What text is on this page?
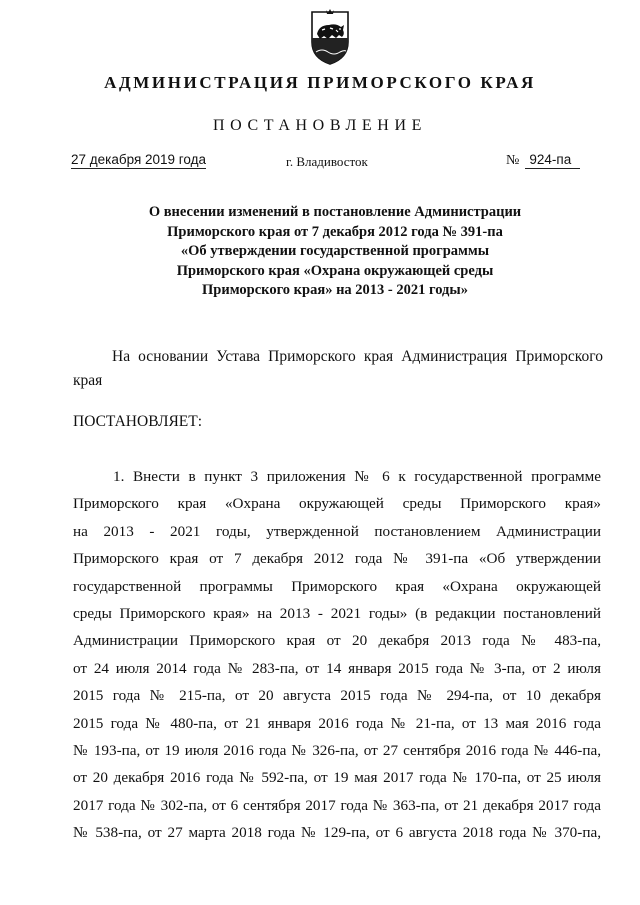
АДМИНИСТРАЦИЯ ПРИМОРСКОГО КРАЯ
ПОСТАНОВЛЕНИЕ
27 декабря 2019 года	г. Владивосток	№ 924-па
О внесении изменений в постановление Администрации
Приморского края от 7 декабря 2012 года № 391-па
«Об утверждении государственной программы
Приморского края «Охрана окружающей среды
Приморского края» на 2013 - 2021 годы»
На основании Устава Приморского края Администрация Приморского
края
ПОСТАНОВЛЯЕТ:
1. Внести в пункт 3 приложения № 6 к государственной программе
Приморского края «Охрана окружающей среды Приморского края»
на 2013 - 2021 годы, утвержденной постановлением Администрации
Приморского края от 7 декабря 2012 года № 391-па «Об утверждении
государственной программы Приморского края «Охрана окружающей
среды Приморского края» на 2013 - 2021 годы» (в редакции постановлений
Администрации Приморского края от 20 декабря 2013 года № 483-па,
от 24 июля 2014 года № 283-па, от 14 января 2015 года № 3-па, от 2 июля
2015 года № 215-па, от 20 августа 2015 года № 294-па, от 10 декабря
2015 года № 480-па, от 21 января 2016 года № 21-па, от 13 мая 2016 года
№ 193-па, от 19 июля 2016 года № 326-па, от 27 сентября 2016 года № 446-па,
от 20 декабря 2016 года № 592-па, от 19 мая 2017 года № 170-па, от 25 июля
2017 года № 302-па, от 6 сентября 2017 года № 363-па, от 21 декабря 2017 года
№ 538-па, от 27 марта 2018 года № 129-па, от 6 августа 2018 года № 370-па,
